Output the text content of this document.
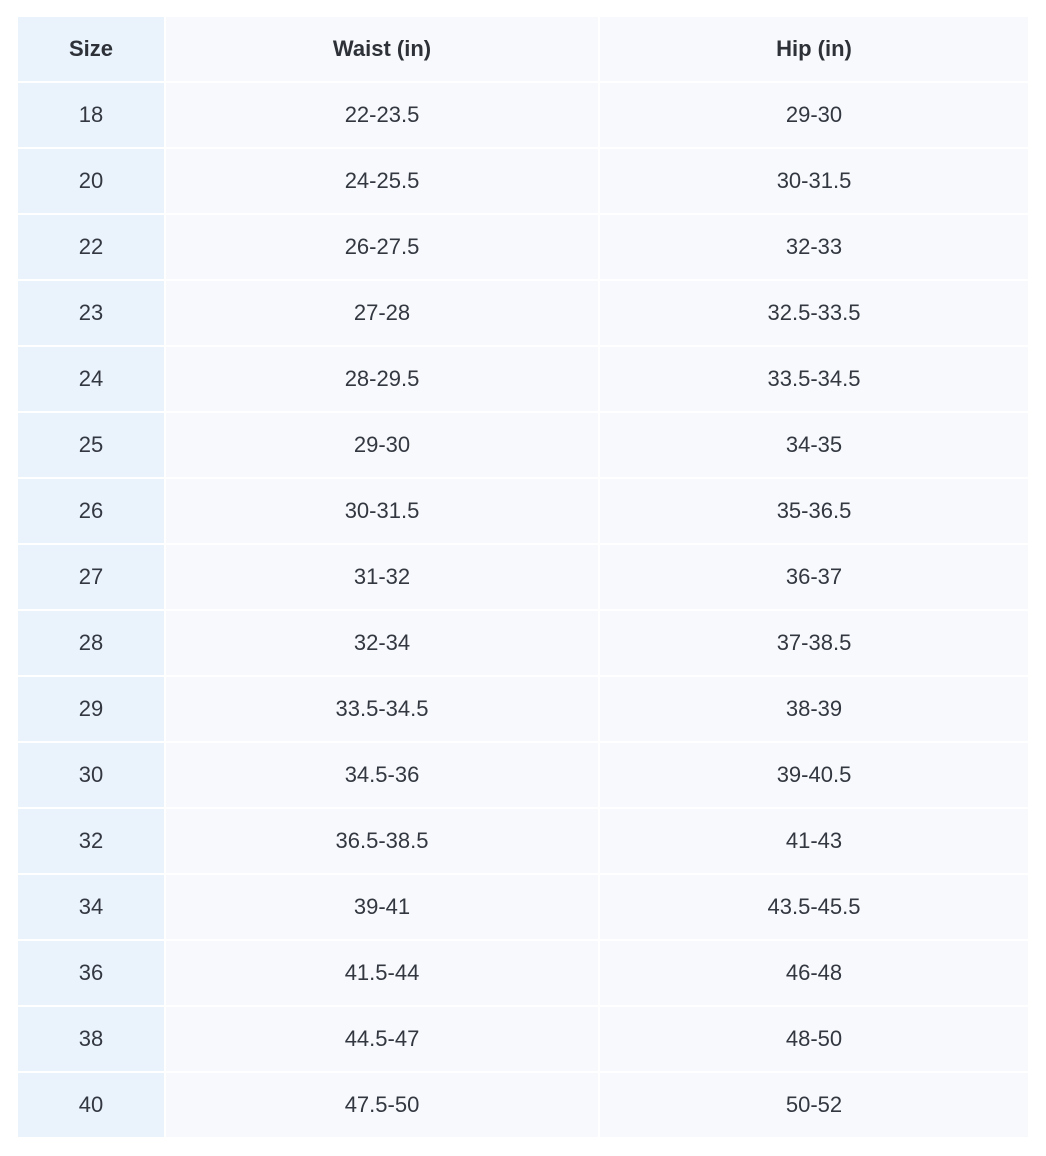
Size	Waist (in)	Hip (in)
18	22-23.5	29-30
20	24-25.5	30-31.5
22	26-27.5	32-33
23	27-28	32.5-33.5
24	28-29.5	33.5-34.5
25	29-30	34-35
26	30-31.5	35-36.5
27	31-32	36-37
28	32-34	37-38.5
29	33.5-34.5	38-39
30	34.5-36	39-40.5
32	36.5-38.5	41-43
34	39-41	43.5-45.5
36	41.5-44	46-48
38	44.5-47	48-50
40	47.5-50	50-52
